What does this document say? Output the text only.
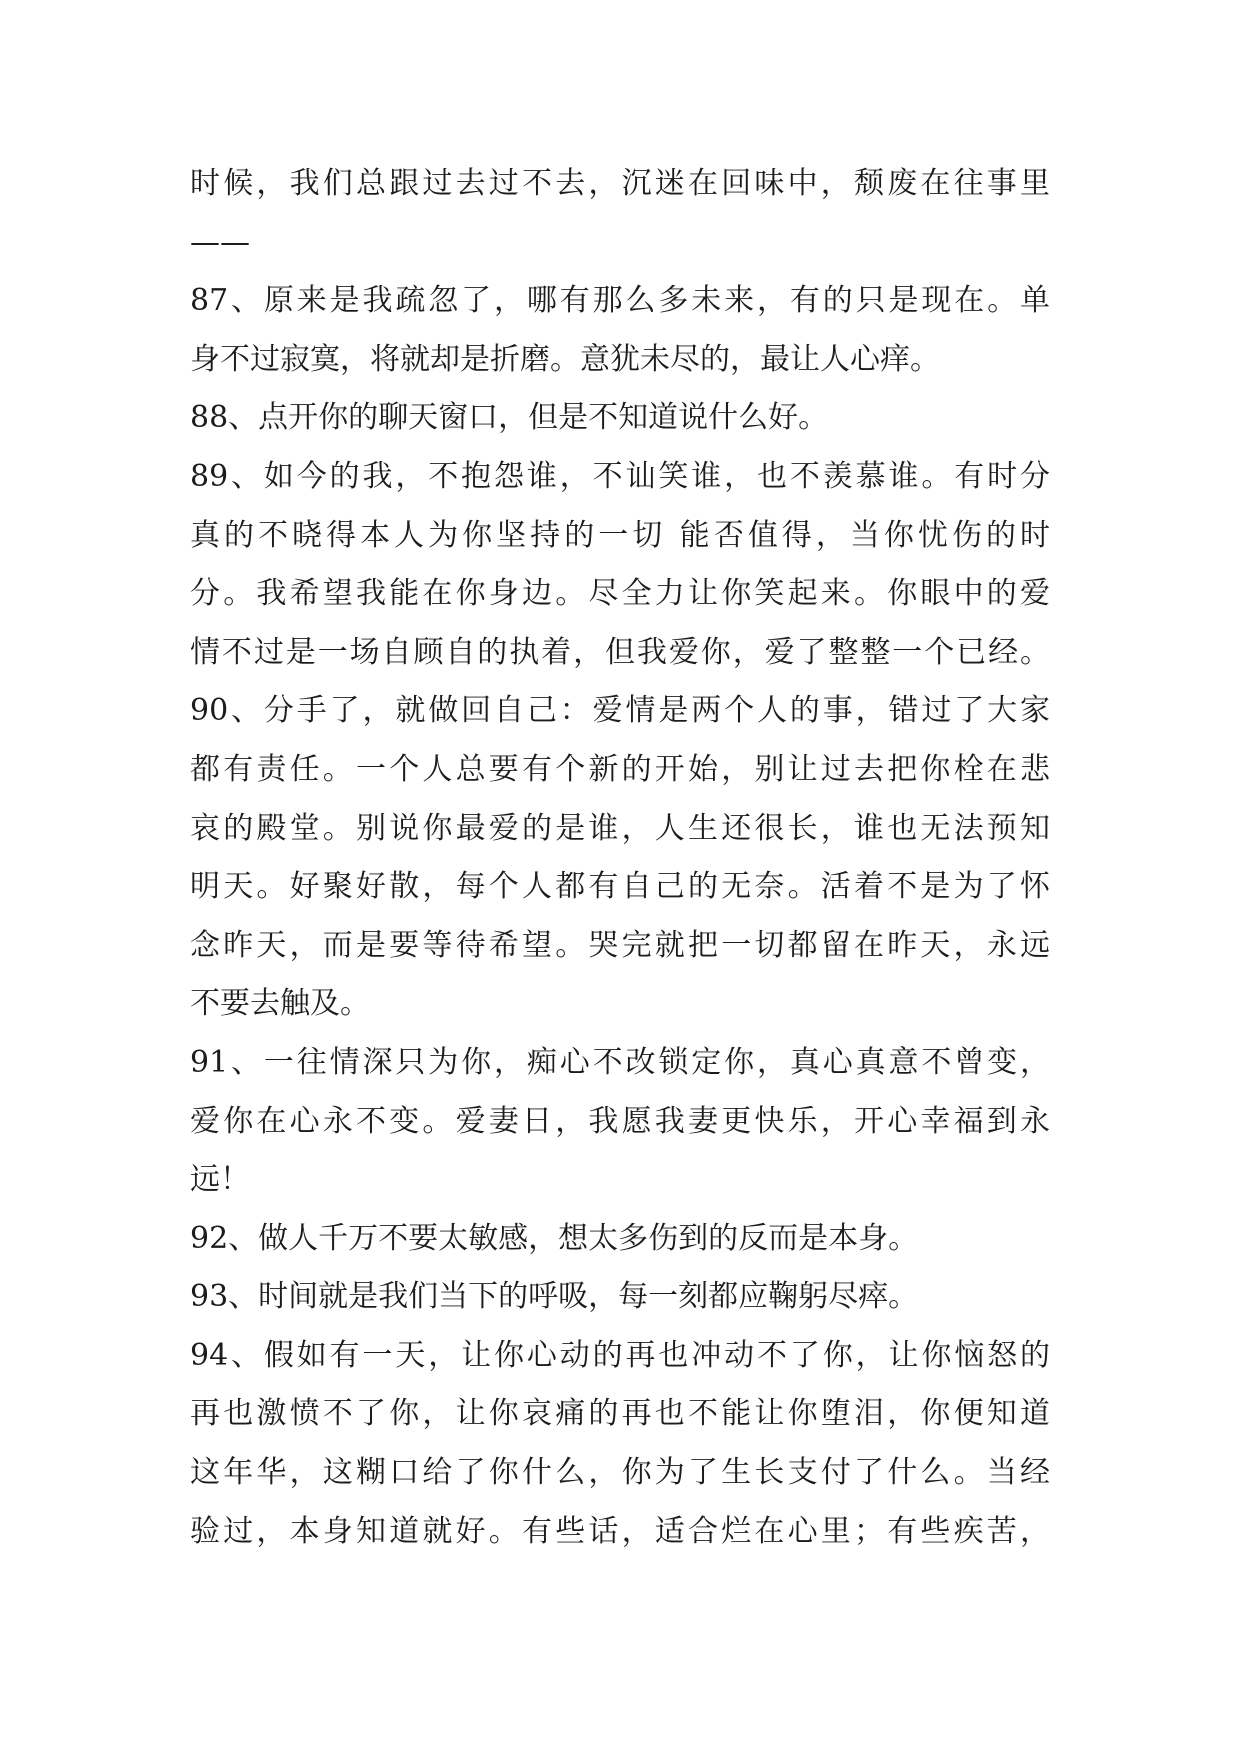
时候，我们总跟过去过不去，沉迷在回味中，颓废在往事里
——
87、原来是我疏忽了，哪有那么多未来，有的只是现在。单
身不过寂寞，将就却是折磨。意犹未尽的，最让人心痒。
88、点开你的聊天窗口，但是不知道说什么好。
89、如今的我，不抱怨谁，不讪笑谁，也不羡慕谁。有时分
真的不晓得本人为你坚持的一切 能否值得，当你忧伤的时
分。我希望我能在你身边。尽全力让你笑起来。你眼中的爱
情不过是一场自顾自的执着，但我爱你，爱了整整一个已经。
90、分手了，就做回自己：爱情是两个人的事，错过了大家
都有责任。一个人总要有个新的开始，别让过去把你栓在悲
哀的殿堂。别说你最爱的是谁，人生还很长，谁也无法预知
明天。好聚好散，每个人都有自己的无奈。活着不是为了怀
念昨天，而是要等待希望。哭完就把一切都留在昨天，永远
不要去触及。
91、一往情深只为你，痴心不改锁定你，真心真意不曾变，
爱你在心永不变。爱妻日，我愿我妻更快乐，开心幸福到永
远！
92、做人千万不要太敏感，想太多伤到的反而是本身。
93、时间就是我们当下的呼吸，每一刻都应鞠躬尽瘁。
94、假如有一天，让你心动的再也冲动不了你，让你恼怒的
再也激愤不了你，让你哀痛的再也不能让你堕泪，你便知道
这年华，这糊口给了你什么，你为了生长支付了什么。当经
验过，本身知道就好。有些话，适合烂在心里；有些疾苦，
